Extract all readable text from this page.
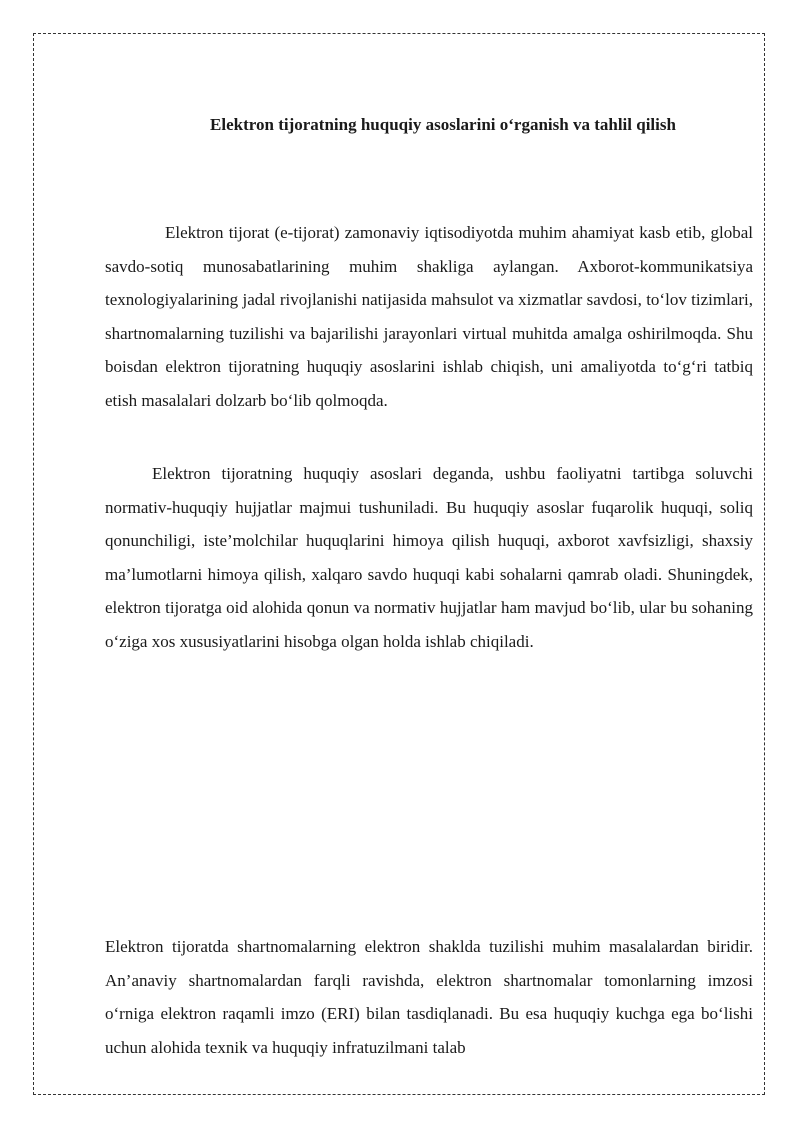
Elektron tijoratning huquqiy asoslarini o‘rganish va tahlil qilish

Elektron tijorat (e-tijorat) zamonaviy iqtisodiyotda muhim ahamiyat kasb etib, global savdo-sotiq munosabatlarining muhim shakliga aylangan. Axborot-kommunikatsiya texnologiyalarining jadal rivojlanishi natijasida mahsulot va xizmatlar savdosi, to‘lov tizimlari, shartnomalarning tuzilishi va bajarilishi jarayonlari virtual muhitda amalga oshirilmoqda. Shu boisdan elektron tijoratning huquqiy asoslarini ishlab chiqish, uni amaliyotda to‘g‘ri tatbiq etish masalalari dolzarb bo‘lib qolmoqda.

Elektron tijoratning huquqiy asoslari deganda, ushbu faoliyatni tartibga soluvchi normativ-huquqiy hujjatlar majmui tushuniladi. Bu huquqiy asoslar fuqarolik huquqi, soliq qonunchiligi, iste’molchilar huquqlarini himoya qilish huquqi, axborot xavfsizligi, shaxsiy ma’lumotlarni himoya qilish, xalqaro savdo huquqi kabi sohalarni qamrab oladi. Shuningdek, elektron tijoratga oid alohida qonun va normativ hujjatlar ham mavjud bo‘lib, ular bu sohaning o‘ziga xos xususiyatlarini hisobga olgan holda ishlab chiqiladi.

Elektron tijoratda shartnomalarning elektron shaklda tuzilishi muhim masalalardan biridir. An’anaviy shartnomalardan farqli ravishda, elektron shartnomalar tomonlarning imzosi o‘rniga elektron raqamli imzo (ERI) bilan tasdiqlanadi. Bu esa huquqiy kuchga ega bo‘lishi uchun alohida texnik va huquqiy infratuzilmani talab
